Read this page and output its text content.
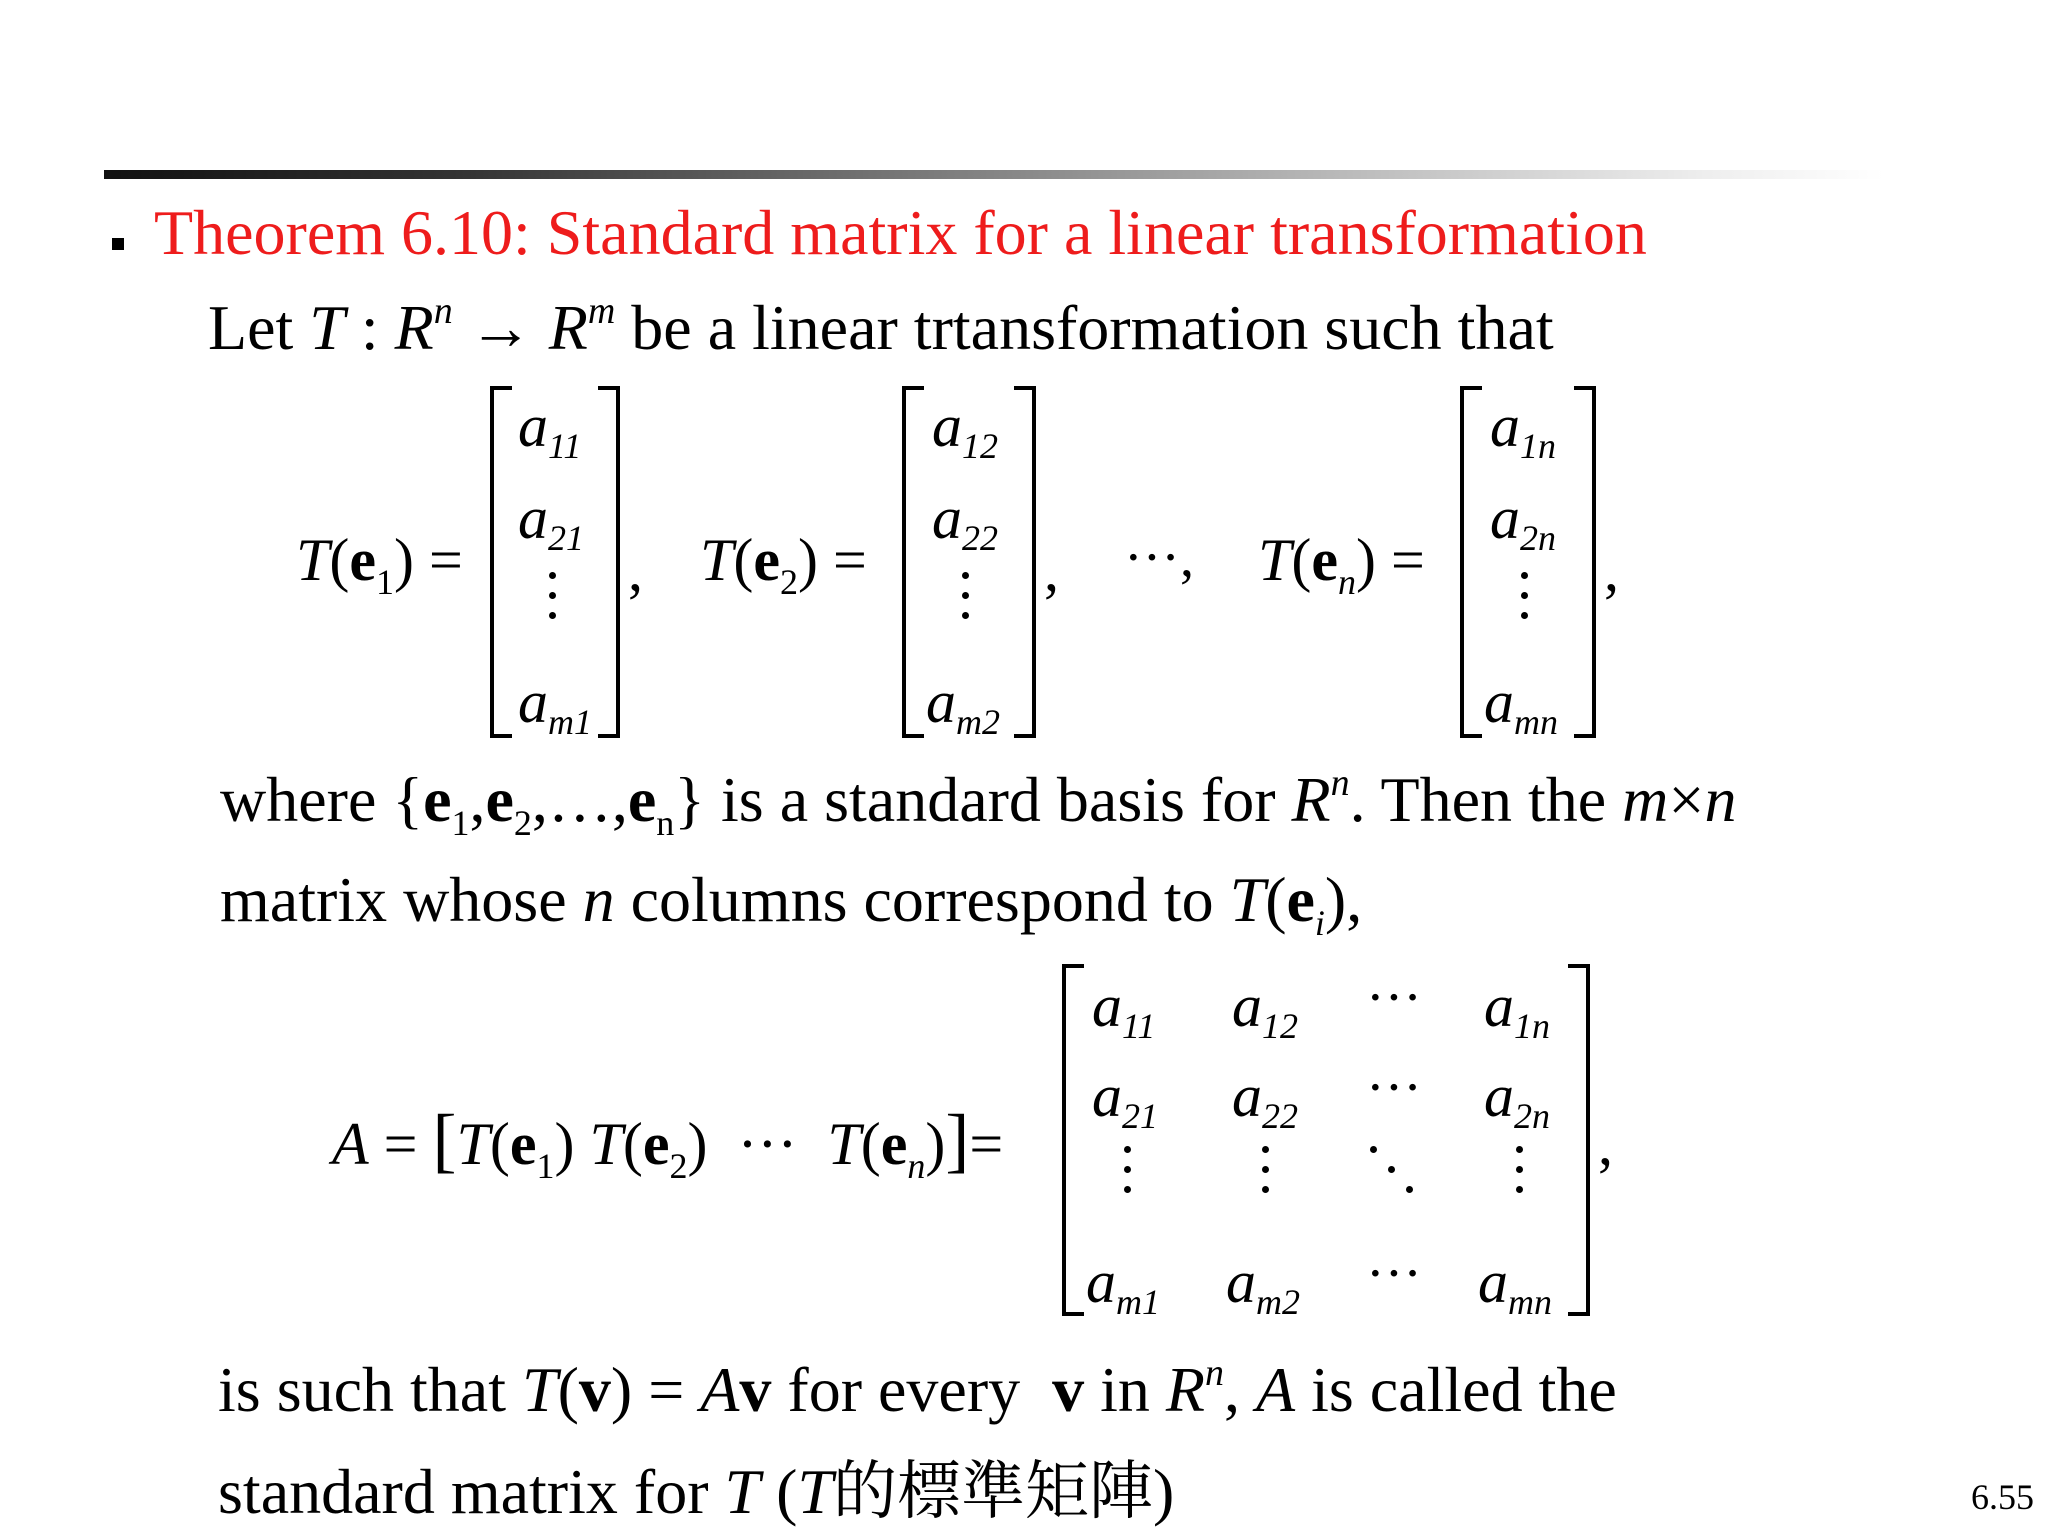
Theorem 6.10: Standard matrix for a linear transformation
Let T : $R^n \to R^m$ be a linear trtansformation such that
$T(e_1)$ =
$a_{11}$
$a_{21}$
$a_{m1}$
, $T(e_2)$ =
$a_{12}$
$a_{22}$
$a_{m2}$
, ···, $T(e_n)$ =
$a_{1n}$
$a_{2n}$
$a_{mn}$
,
where $\{e_1,e_2,\dots,e_n\}$ is a standard basis for $R^n$. Then the m×n
matrix whose n columns correspond to $T(e_i)$,
$A = [T(e_1)$ $T(e_2)$  ··· $T(e_n)]=$
$a_{11}$ $a_{12}$ ··· $a_{1n}$
$a_{21}$ $a_{22}$ ··· $a_{2n}$
$a_{m1}$ $a_{m2}$ ··· $a_{mn}$
,
is such that T(v) = Av for every  v in $R^n$, A is called the
standard matrix for T (T的標準矩陣)	6.55
